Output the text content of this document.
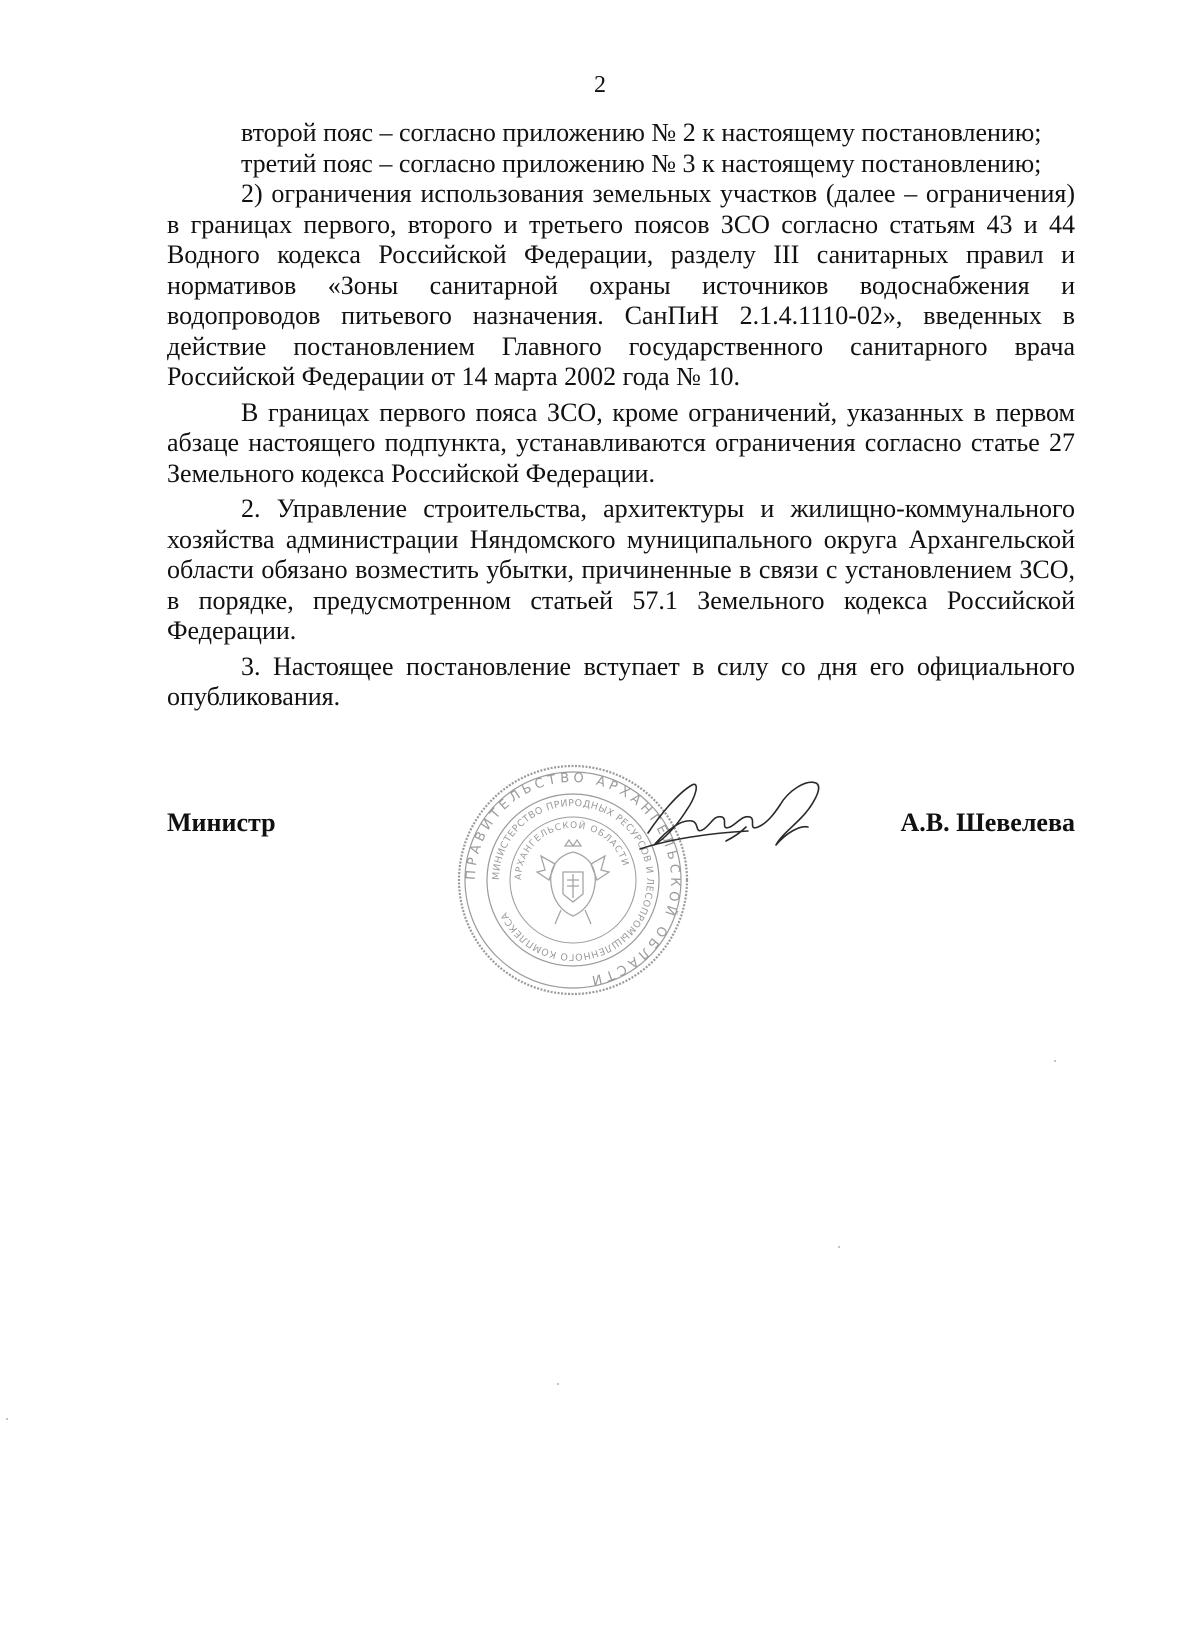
2

второй пояс – согласно приложению № 2 к настоящему постановлению;

третий пояс – согласно приложению № 3 к настоящему постановлению;

2) ограничения использования земельных участков (далее – ограничения) в границах первого, второго и третьего поясов ЗСО согласно статьям 43 и 44 Водного кодекса Российской Федерации, разделу III санитарных правил и нормативов «Зоны санитарной охраны источников водоснабжения и водопроводов питьевого назначения. СанПиН 2.1.4.1110-02», введенных в действие постановлением Главного государственного санитарного врача Российской Федерации от 14 марта 2002 года № 10.

В границах первого пояса ЗСО, кроме ограничений, указанных в первом абзаце настоящего подпункта, устанавливаются ограничения согласно статье 27 Земельного кодекса Российской Федерации.

2. Управление строительства, архитектуры и жилищно-коммунального хозяйства администрации Няндомского муниципального округа Архангельской области обязано возместить убытки, причиненные в связи с установлением ЗСО, в порядке, предусмотренном статьей 57.1 Земельного кодекса Российской Федерации.

3. Настоящее постановление вступает в силу со дня его официального опубликования.

ПРАВИТЕЛЬСТВО АРХАНГЕЛЬСКОЙ ОБЛАСТИ
МИНИСТЕРСТВО ПРИРОДНЫХ РЕСУРСОВ И ЛЕСОПРОМЫШЛЕННОГО КОМПЛЕКСА
АРХАНГЕЛЬСКОЙ ОБЛАСТИ
Министр	А.В. Шевелева
